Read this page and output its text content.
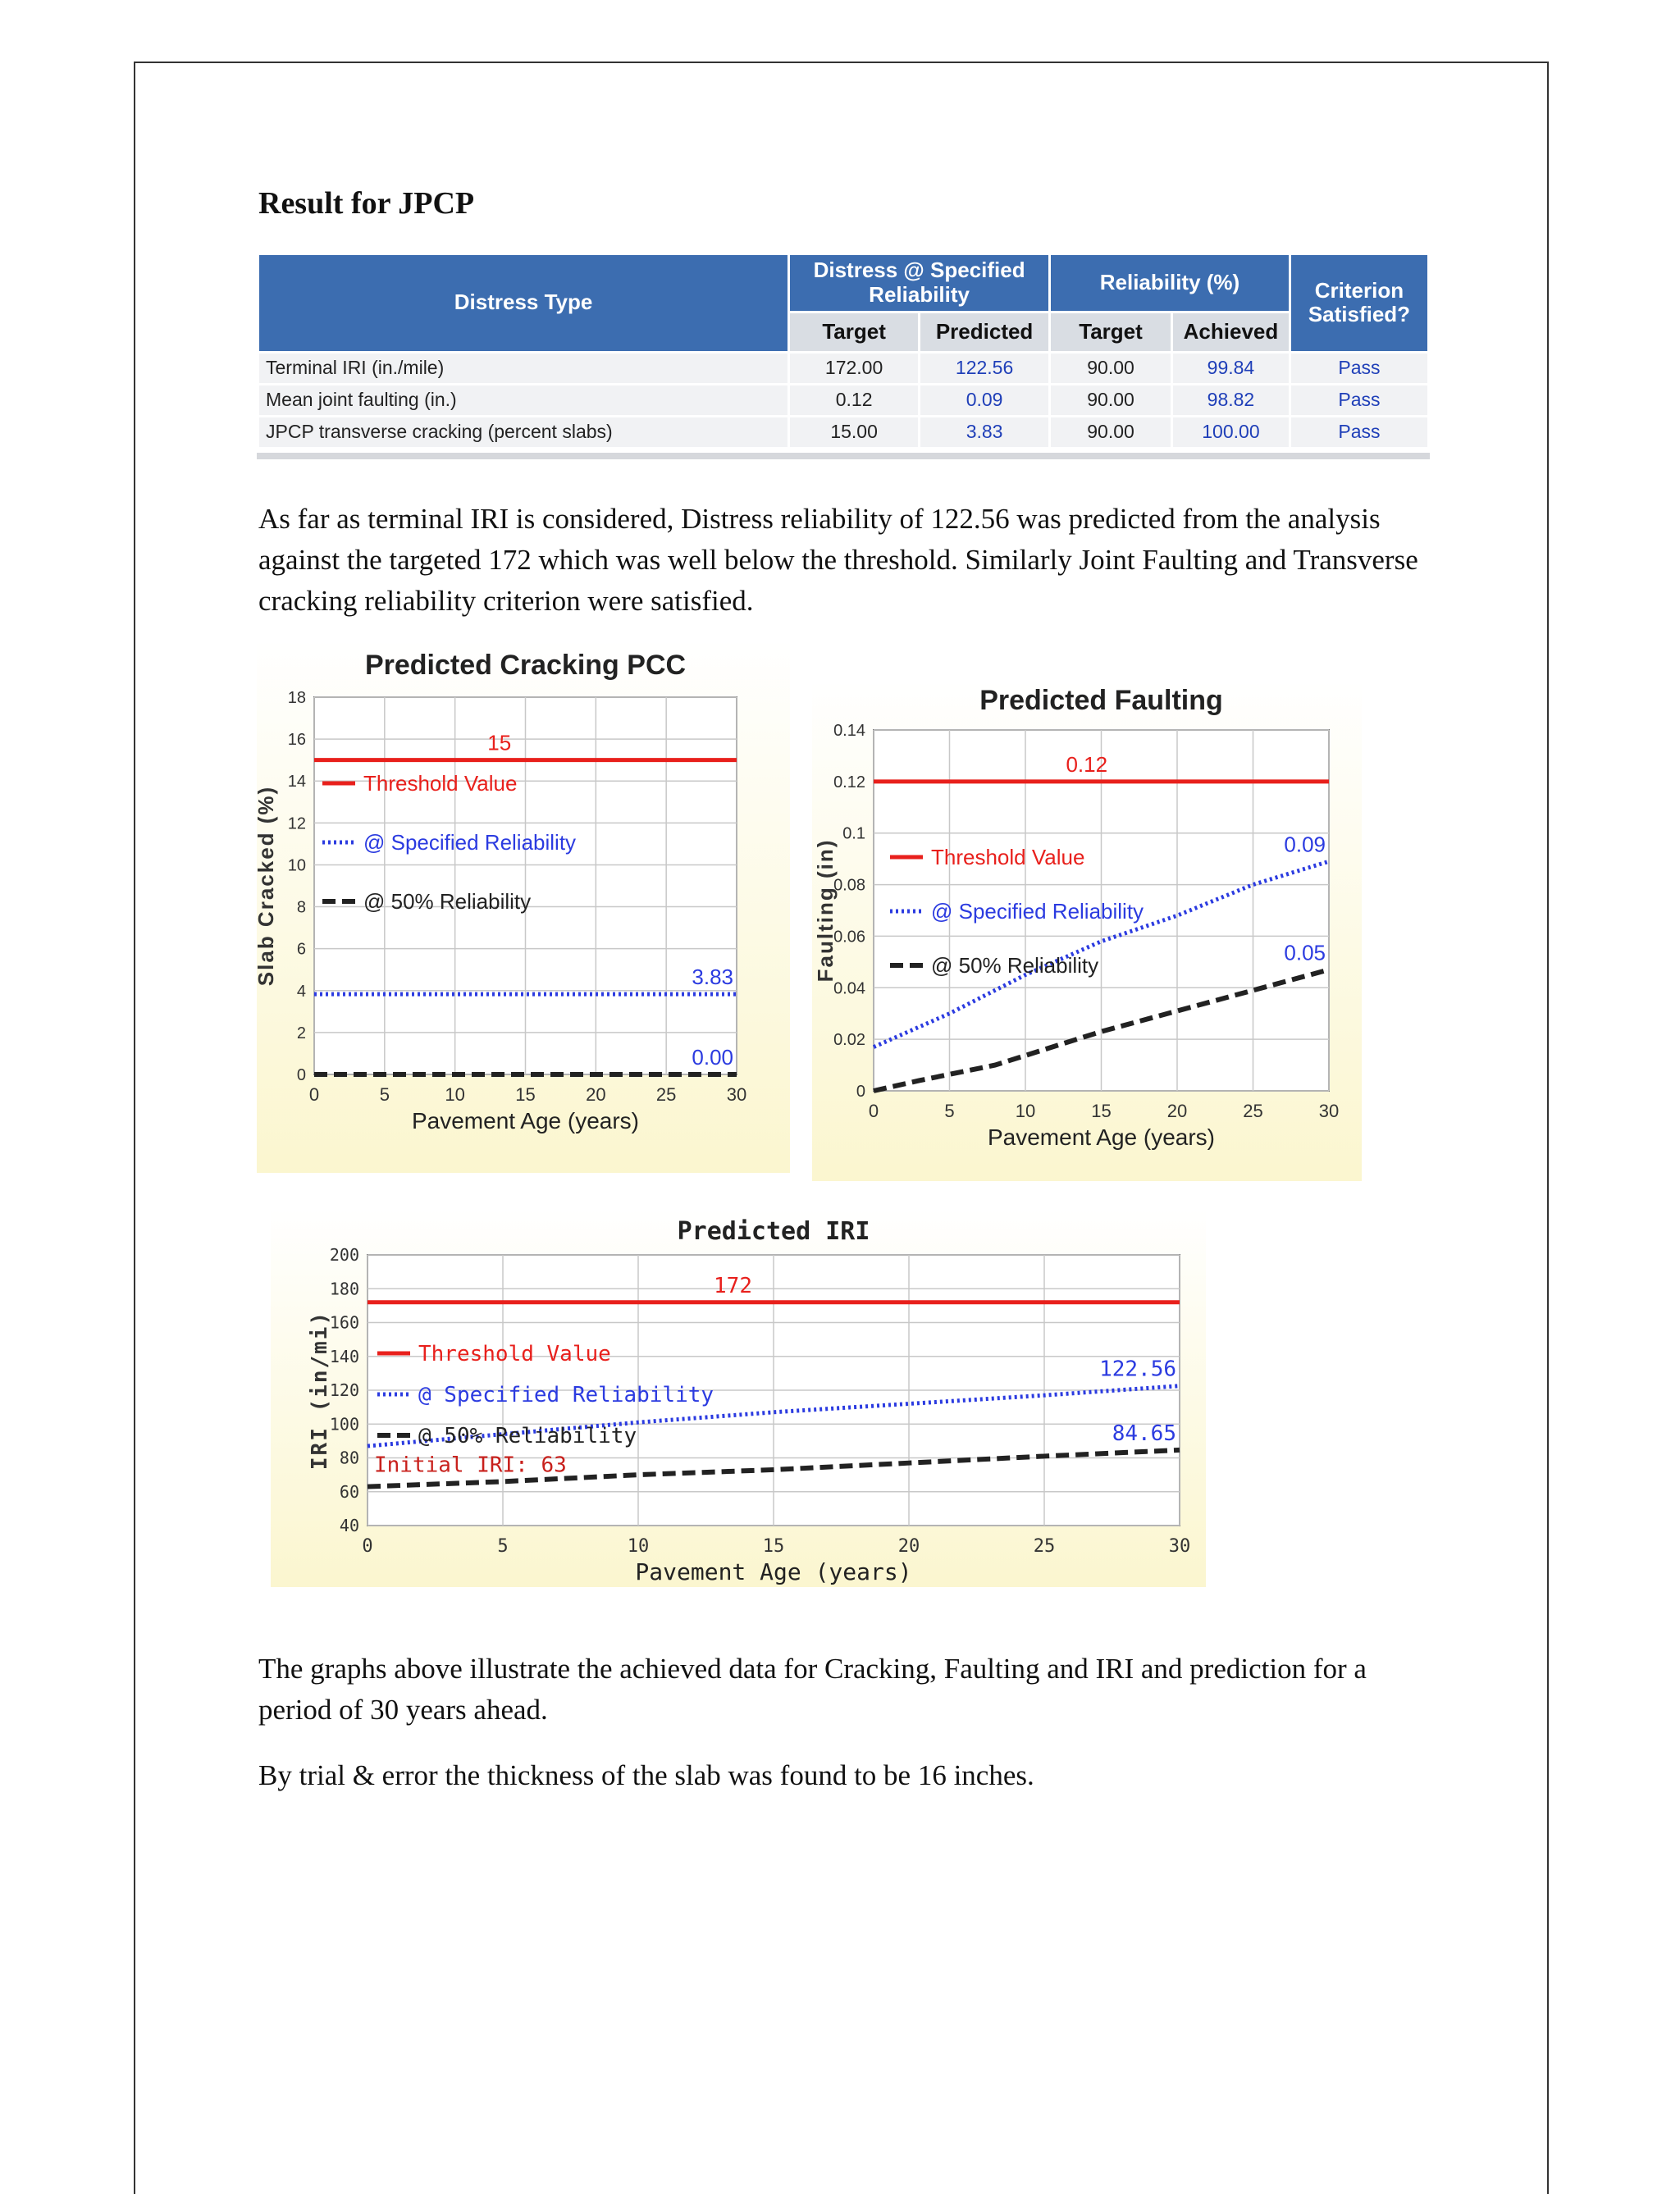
Result for JPCP
Distress Type	Distress @ Specified Reliability		Reliability (%)		Criterion Satisfied?
	Target	Predicted	Target	Achieved	
Terminal IRI (in./mile)	172.00	122.56	90.00	99.84	Pass
Mean joint faulting (in.)	0.12	0.09	90.00	98.82	Pass
JPCP transverse cracking (percent slabs)	15.00	3.83	90.00	100.00	Pass

As far as terminal IRI is considered, Distress reliability of 122.56 was predicted from the analysis against the targeted 172 which was well below the threshold. Similarly Joint Faulting and Transverse cracking reliability criterion were satisfied.

0	5	10	15	20	25	30
0
2
4
6
8
10
12
14
16
18
Predicted Cracking PCC
Pavement Age (years)
Slab Cracked (%)
Threshold Value
@ Specified Reliability
@ 50% Reliability
15
3.83
0.00
0	5	10	15	20	25	30
0
0.02
0.04
0.06
0.08
0.1
0.12
0.14
Predicted Faulting
Pavement Age (years)
Faulting (in)	Threshold Value
@ Specified Reliability
@ 50% Reliability
0.12
0.09
0.05
0	5	10	15	20	25	30
40
60
80
100
120
140
160
180
200
Predicted IRI
Pavement Age (years)
IRI (in/mi)	Threshold Value
@ Specified Reliability
@ 50% Reliability
172
122.56
84.65
Initial IRI: 63

The graphs above illustrate the achieved data for Cracking, Faulting and IRI and prediction for a period of 30 years ahead.

By trial & error the thickness of the slab was found to be 16 inches.
